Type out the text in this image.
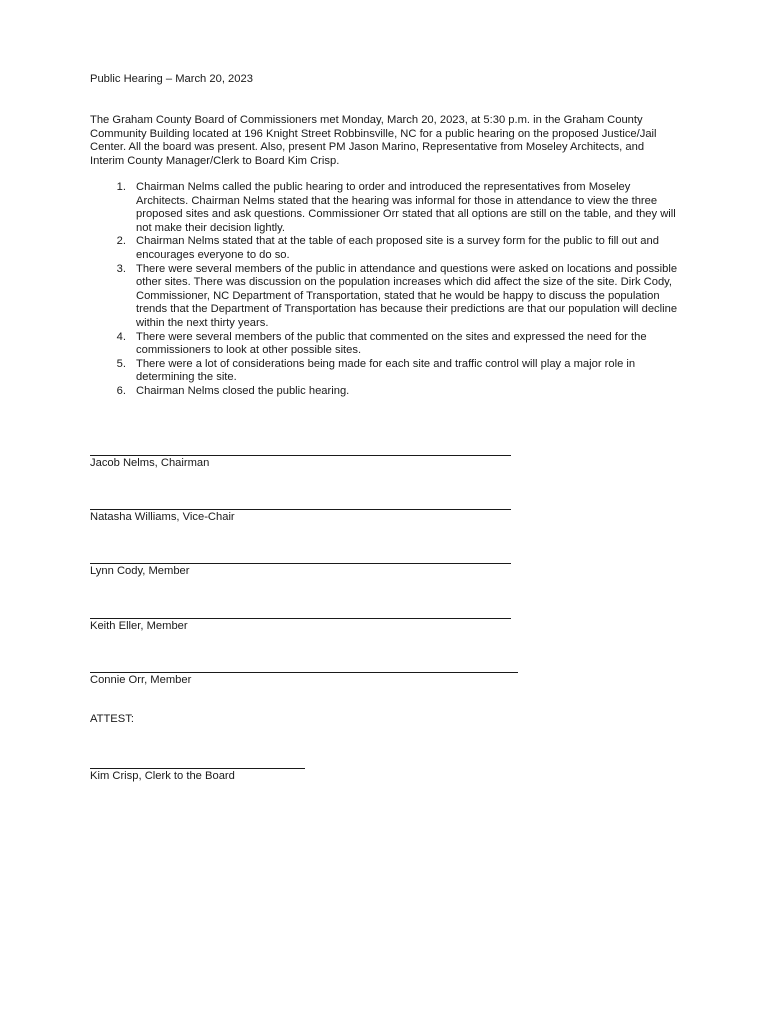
Public Hearing – March 20, 2023
The Graham County Board of Commissioners met Monday, March 20, 2023, at 5:30 p.m. in the Graham County Community Building located at 196 Knight Street Robbinsville, NC for a public hearing on the proposed Justice/Jail Center. All the board was present. Also, present PM Jason Marino, Representative from Moseley Architects, and Interim County Manager/Clerk to Board Kim Crisp.
1. Chairman Nelms called the public hearing to order and introduced the representatives from Moseley Architects. Chairman Nelms stated that the hearing was informal for those in attendance to view the three proposed sites and ask questions. Commissioner Orr stated that all options are still on the table, and they will not make their decision lightly.
2. Chairman Nelms stated that at the table of each proposed site is a survey form for the public to fill out and encourages everyone to do so.
3. There were several members of the public in attendance and questions were asked on locations and possible other sites. There was discussion on the population increases which did affect the size of the site. Dirk Cody, Commissioner, NC Department of Transportation, stated that he would be happy to discuss the population trends that the Department of Transportation has because their predictions are that our population will decline within the next thirty years.
4. There were several members of the public that commented on the sites and expressed the need for the commissioners to look at other possible sites.
5. There were a lot of considerations being made for each site and traffic control will play a major role in determining the site.
6. Chairman Nelms closed the public hearing.
Jacob Nelms, Chairman
Natasha Williams, Vice-Chair
Lynn Cody, Member
Keith Eller, Member
Connie Orr, Member
ATTEST:
Kim Crisp, Clerk to the Board
